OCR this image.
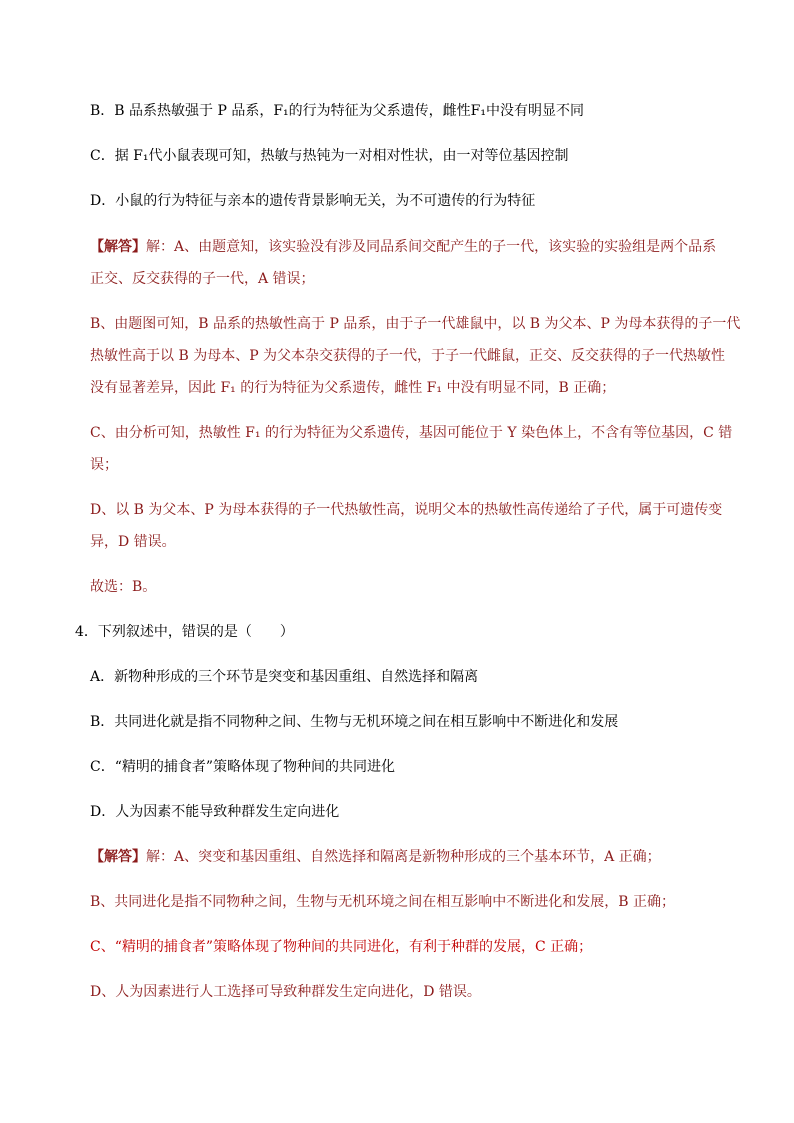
B．B 品系热敏强于 P 品系，F₁的行为特征为父系遗传，雌性F₁中没有明显不同
C．据 F₁代小鼠表现可知，热敏与热钝为一对相对性状，由一对等位基因控制
D．小鼠的行为特征与亲本的遗传背景影响无关，为不可遗传的行为特征
【解答】解：A、由题意知，该实验没有涉及同品系间交配产生的子一代，该实验的实验组是两个品系
正交、反交获得的子一代，A 错误；
B、由题图可知，B 品系的热敏性高于 P 品系，由于子一代雄鼠中，以 B 为父本、P 为母本获得的子一代
热敏性高于以 B 为母本、P 为父本杂交获得的子一代，于子一代雌鼠，正交、反交获得的子一代热敏性
没有显著差异，因此 F₁ 的行为特征为父系遗传，雌性 F₁ 中没有明显不同，B 正确；
C、由分析可知，热敏性 F₁ 的行为特征为父系遗传，基因可能位于 Y 染色体上，不含有等位基因，C 错
误；
D、以 B 为父本、P 为母本获得的子一代热敏性高，说明父本的热敏性高传递给了子代，属于可遗传变
异，D 错误。
故选：B。
4．下列叙述中，错误的是（　　）
A．新物种形成的三个环节是突变和基因重组、自然选择和隔离
B．共同进化就是指不同物种之间、生物与无机环境之间在相互影响中不断进化和发展
C．“精明的捕食者”策略体现了物种间的共同进化
D．人为因素不能导致种群发生定向进化
【解答】解：A、突变和基因重组、自然选择和隔离是新物种形成的三个基本环节，A 正确；
B、共同进化是指不同物种之间，生物与无机环境之间在相互影响中不断进化和发展，B 正确；
C、“精明的捕食者”策略体现了物种间的共同进化，有利于种群的发展，C 正确；
D、人为因素进行人工选择可导致种群发生定向进化，D 错误。
